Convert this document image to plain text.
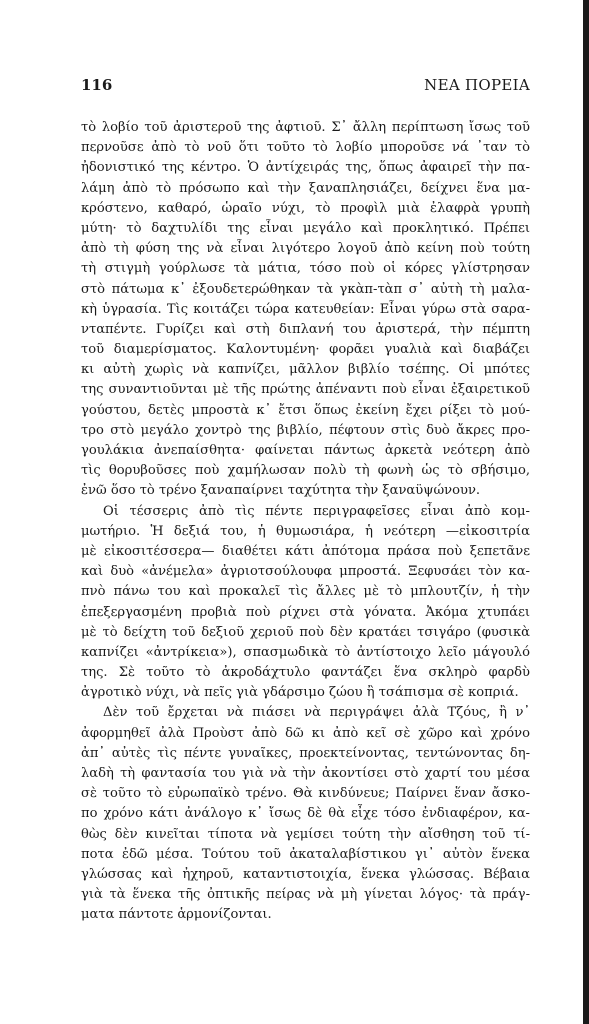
116	ΝΕΑ ΠΟΡΕΙΑ
τὸ λοβίο τοῦ ἀριστεροῦ της ἀφτιοῦ. Σ᾽ ἄλλη περίπτωση ἴσως τοῦ
περνοῦσε ἀπὸ τὸ νοῦ ὅτι τοῦτο τὸ λοβίο μποροῦσε νά ᾽ταν τὸ
ἠδονιστικό της κέντρο. Ὁ ἀντίχειράς της, ὅπως ἀφαιρεῖ τὴν πα-
λάμη ἀπὸ τὸ πρόσωπο καὶ τὴν ξαναπλησιάζει, δείχνει ἕνα μα-
κρόστενο, καθαρό, ὡραῖο νύχι, τὸ προφὶλ μιὰ ἐλαφρὰ γρυπὴ
μύτη· τὸ δαχτυλίδι της εἶναι μεγάλο καὶ προκλητικό. Πρέπει
ἀπὸ τὴ φύση της νὰ εἶναι λιγότερο λογοῦ ἀπὸ κείνη ποὺ τούτη
τὴ στιγμὴ γούρλωσε τὰ μάτια, τόσο ποὺ οἱ κόρες γλίστρησαν
στὸ πάτωμα κ᾽ ἐξουδετερώθηκαν τὰ γκὰπ-τὰπ σ᾽ αὐτὴ τὴ μαλα-
κὴ ὑγρασία. Τὶς κοιτάζει τώρα κατευθείαν: Εἶναι γύρω στὰ σαρα-
νταπέντε. Γυρίζει καὶ στὴ διπλανή του ἀριστερά, τὴν πέμπτη
τοῦ διαμερίσματος. Καλοντυμένη· φορᾶει γυαλιὰ καὶ διαβάζει
κι αὐτὴ χωρὶς νὰ καπνίζει, μᾶλλον βιβλίο τσέπης. Οἱ μπότες
της συναντιοῦνται μὲ τῆς πρώτης ἀπέναντι ποὺ εἶναι ἐξαιρετικοῦ
γούστου, δετὲς μπροστὰ κ᾽ ἔτσι ὅπως ἐκείνη ἔχει ρίξει τὸ μού-
τρο στὸ μεγάλο χοντρὸ της βιβλίο, πέφτουν στὶς δυὸ ἄκρες προ-
γουλάκια ἀνεπαίσθητα· φαίνεται πάντως ἀρκετὰ νεότερη ἀπὸ
τὶς θορυβοῦσες ποὺ χαμήλωσαν πολὺ τὴ φωνὴ ὡς τὸ σβήσιμο,
ἐνῶ ὅσο τὸ τρένο ξαναπαίρνει ταχύτητα τὴν ξαναϋψώνουν.
Οἱ τέσσερις ἀπὸ τὶς πέντε περιγραφεῖσες εἶναι ἀπὸ κομ-
μωτήριο. Ἡ δεξιά του, ἡ θυμωσιάρα, ἡ νεότερη —εἰκοσιτρία
μὲ εἰκοσιτέσσερα— διαθέτει κάτι ἀπότομα πράσα ποὺ ξεπετᾶνε
καὶ δυὸ «ἀνέμελα» ἀγριοτσούλουφα μπροστά. Ξεφυσάει τὸν κα-
πνὸ πάνω του καὶ προκαλεῖ τὶς ἄλλες μὲ τὸ μπλουτζίν, ἡ τὴν
ἐπεξεργασμένη προβιὰ ποὺ ρίχνει στὰ γόνατα. Ἀκόμα χτυπάει
μὲ τὸ δείχτη τοῦ δεξιοῦ χεριοῦ ποὺ δὲν κρατάει τσιγάρο (φυσικὰ
καπνίζει «ἀντρίκεια»), σπασμωδικὰ τὸ ἀντίστοιχο λεῖο μάγουλό
της. Σὲ τοῦτο τὸ ἀκροδάχτυλο φαντάζει ἕνα σκληρὸ φαρδὺ
ἀγροτικὸ νύχι, νὰ πεῖς γιὰ γδάρσιμο ζώου ἢ τσάπισμα σὲ κοπριά.
Δὲν τοῦ ἔρχεται νὰ πιάσει νὰ περιγράψει ἀλὰ Τζόυς, ἢ ν᾽
ἀφορμηθεῖ ἀλὰ Προὺστ ἀπὸ δῶ κι ἀπὸ κεῖ σὲ χῶρο καὶ χρόνο
ἀπ᾽ αὐτὲς τὶς πέντε γυναῖκες, προεκτείνοντας, τεντώνοντας δη-
λαδὴ τὴ φαντασία του γιὰ νὰ τὴν ἀκοντίσει στὸ χαρτί του μέσα
σὲ τοῦτο τὸ εὐρωπαϊκὸ τρένο. Θὰ κινδύνευε; Παίρνει ἕναν ἄσκο-
πο χρόνο κάτι ἀνάλογο κ᾽ ἴσως δὲ θὰ εἶχε τόσο ἐνδιαφέρον, κα-
θὼς δὲν κινεῖται τίποτα νὰ γεμίσει τούτη τὴν αἴσθηση τοῦ τί-
ποτα ἐδῶ μέσα. Τούτου τοῦ ἀκαταλαβίστικου γι᾽ αὐτὸν ἕνεκα
γλώσσας καὶ ἠχηροῦ, καταντιστοιχία, ἕνεκα γλώσσας. Βέβαια
γιὰ τὰ ἕνεκα τῆς ὀπτικῆς πείρας νὰ μὴ γίνεται λόγος· τὰ πράγ-
ματα πάντοτε ἁρμονίζονται.
